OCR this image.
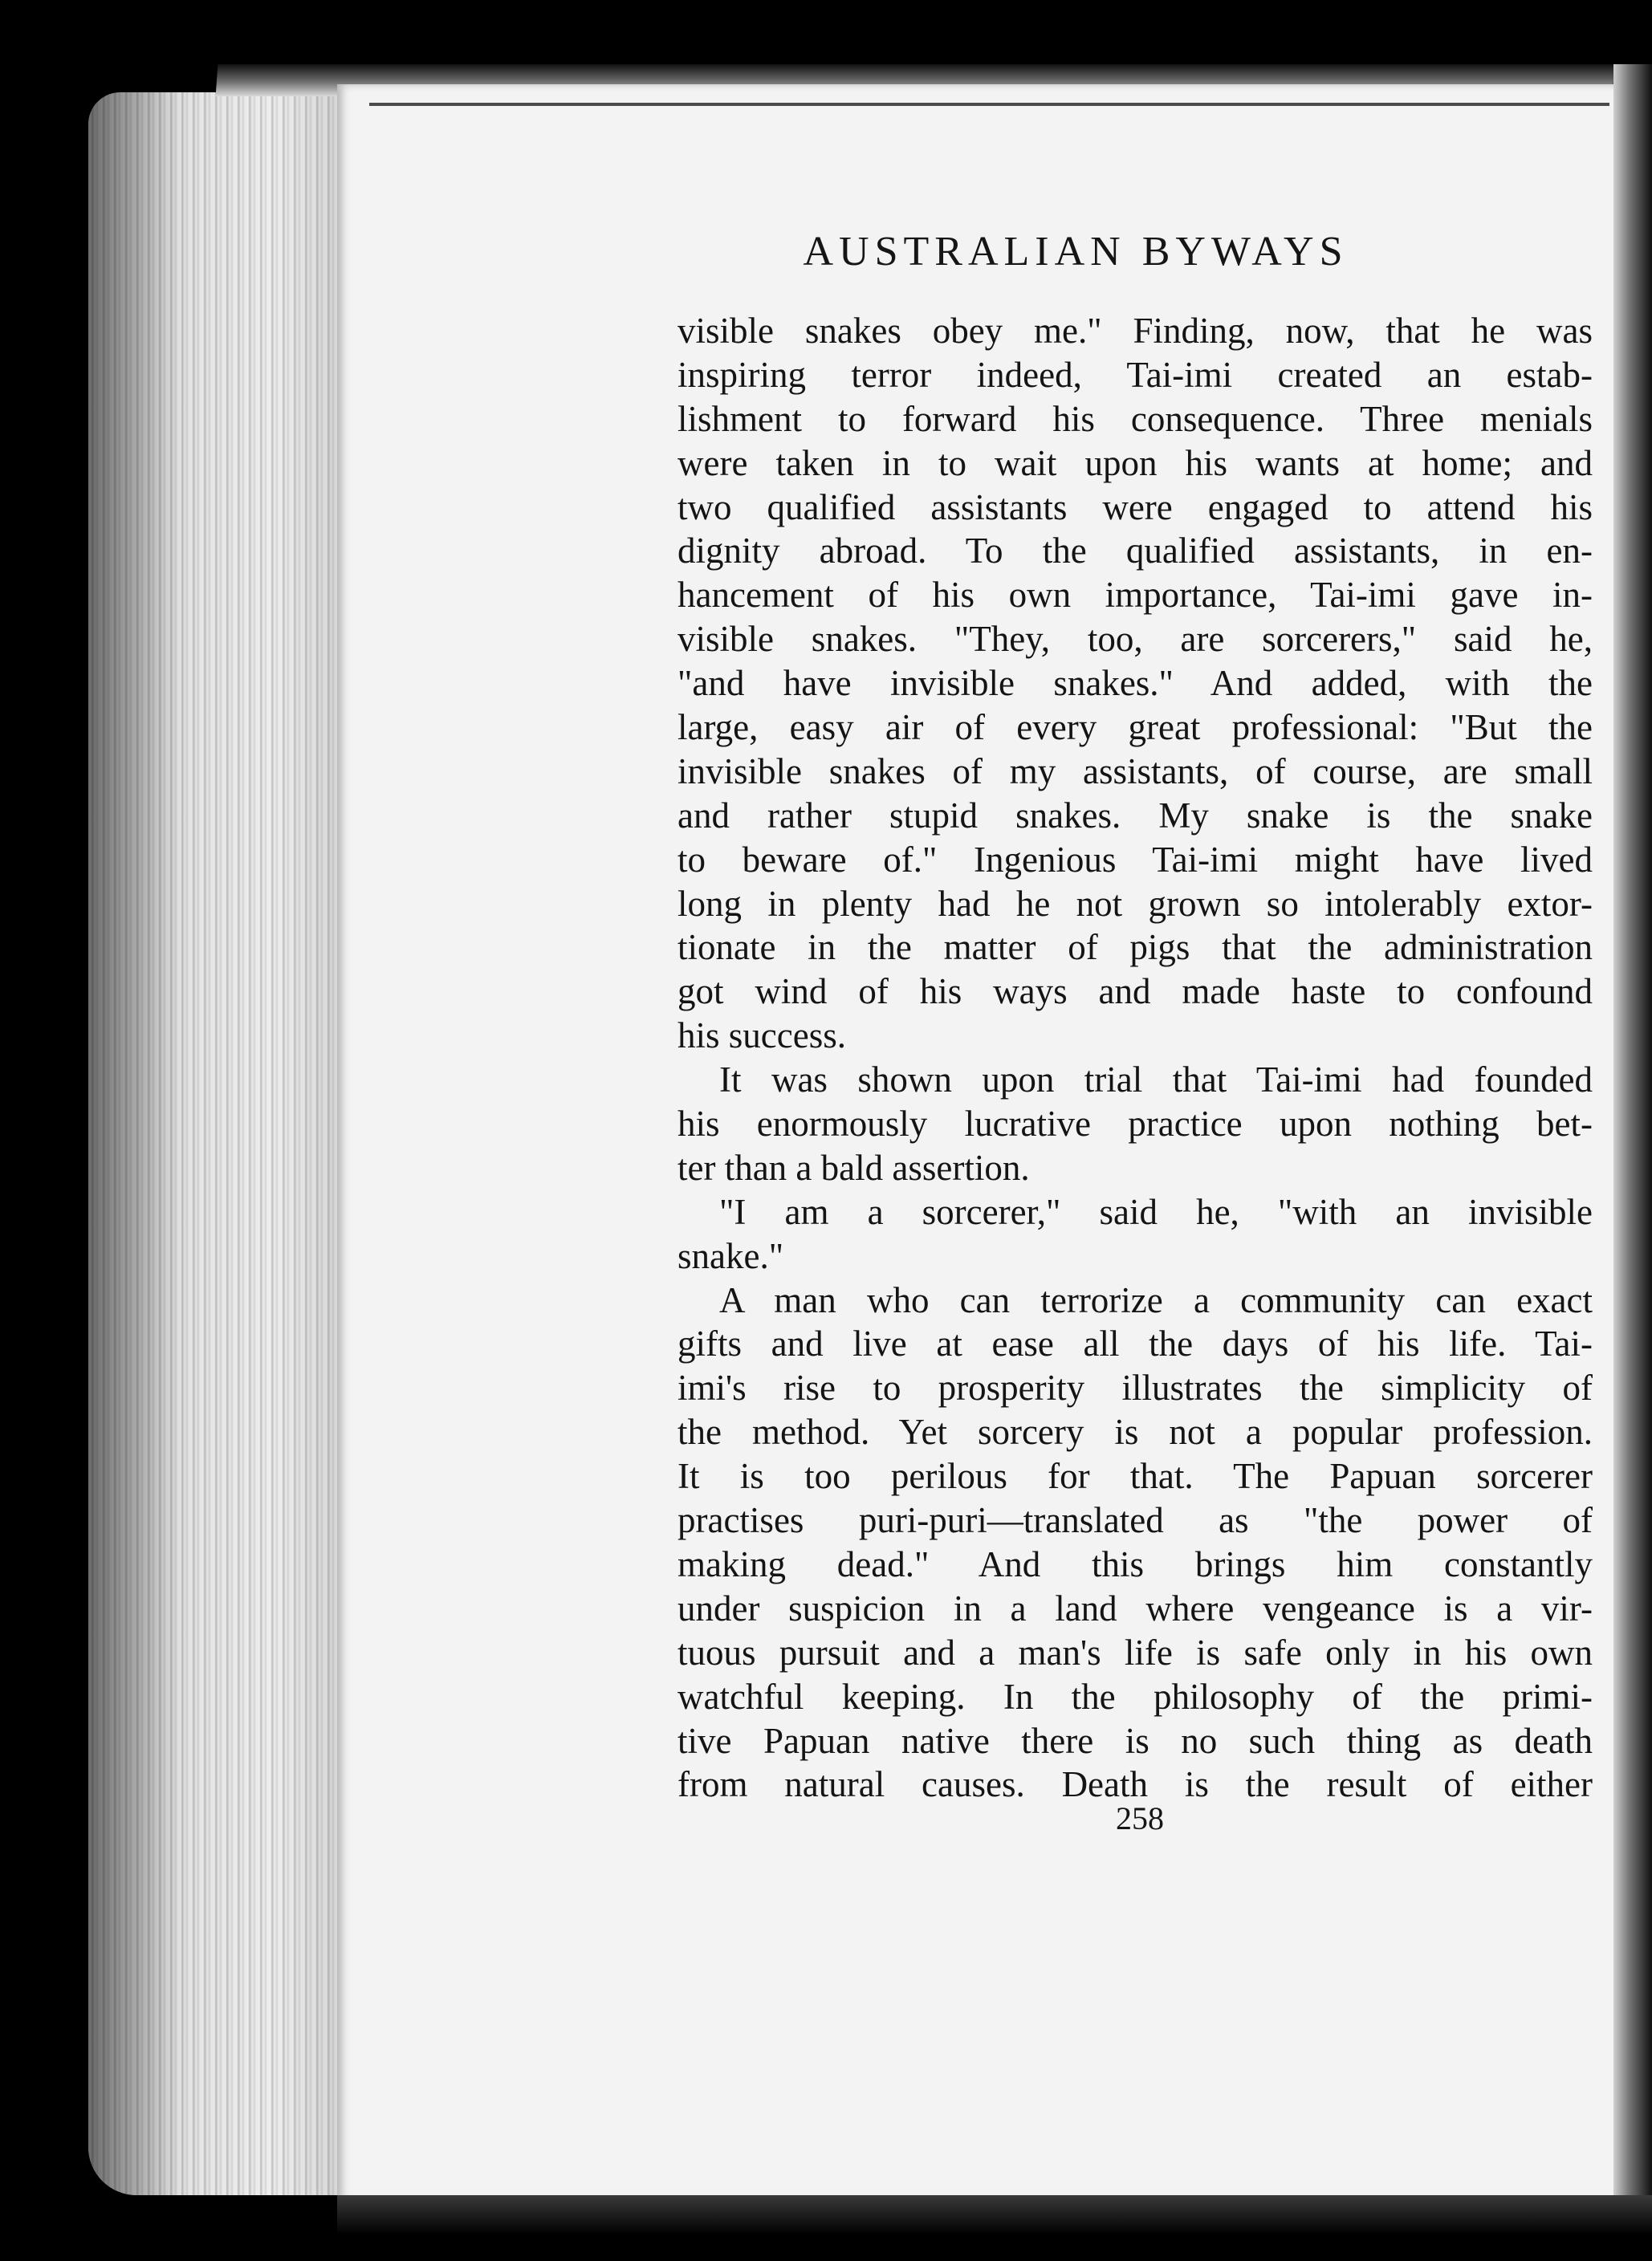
AUSTRALIAN BYWAYS
visible snakes obey me." Finding, now, that he was
inspiring terror indeed, Tai-imi created an estab-
lishment to forward his consequence. Three menials
were taken in to wait upon his wants at home; and
two qualified assistants were engaged to attend his
dignity abroad. To the qualified assistants, in en-
hancement of his own importance, Tai-imi gave in-
visible snakes. "They, too, are sorcerers," said he,
"and have invisible snakes." And added, with the
large, easy air of every great professional: "But the
invisible snakes of my assistants, of course, are small
and rather stupid snakes. My snake is the snake
to beware of." Ingenious Tai-imi might have lived
long in plenty had he not grown so intolerably extor-
tionate in the matter of pigs that the administration
got wind of his ways and made haste to confound
his success.
It was shown upon trial that Tai-imi had founded
his enormously lucrative practice upon nothing bet-
ter than a bald assertion.
"I am a sorcerer," said he, "with an invisible
snake."
A man who can terrorize a community can exact
gifts and live at ease all the days of his life. Tai-
imi's rise to prosperity illustrates the simplicity of
the method. Yet sorcery is not a popular profession.
It is too perilous for that. The Papuan sorcerer
practises puri-puri—translated as "the power of
making dead." And this brings him constantly
under suspicion in a land where vengeance is a vir-
tuous pursuit and a man's life is safe only in his own
watchful keeping. In the philosophy of the primi-
tive Papuan native there is no such thing as death
from natural causes. Death is the result of either
258
